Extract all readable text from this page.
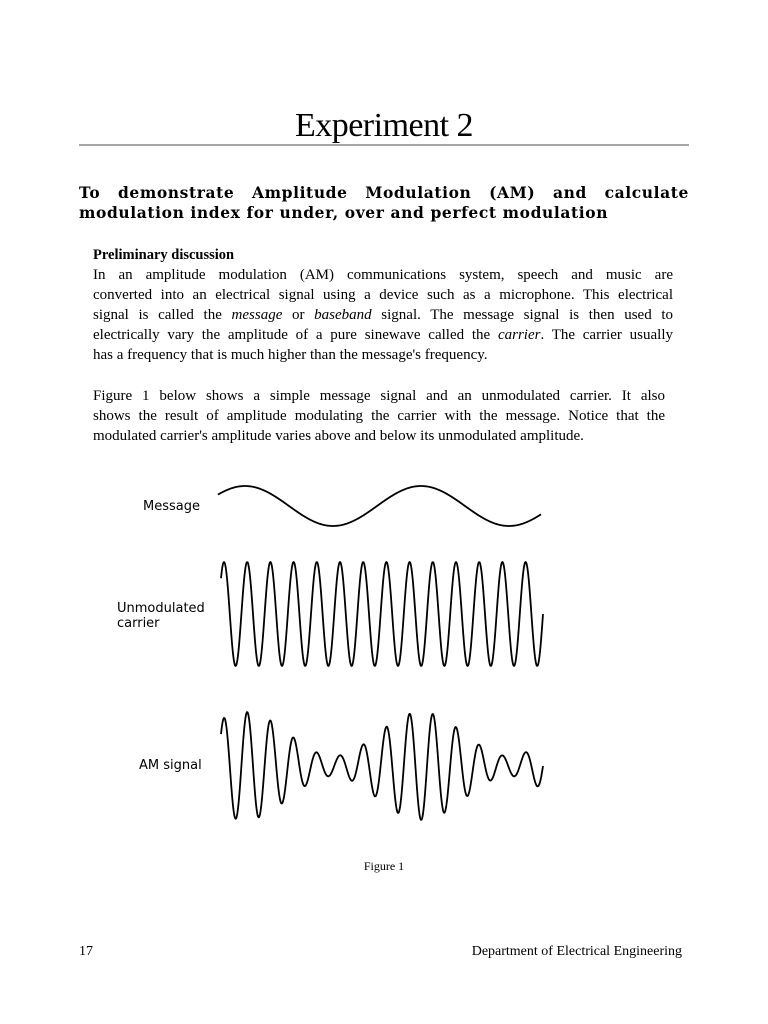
Experiment 2
To demonstrate Amplitude Modulation (AM) and calculate
modulation index for under, over and perfect modulation
Preliminary discussion
In an amplitude modulation (AM) communications system, speech and music are
converted into an electrical signal using a device such as a microphone. This electrical
signal is called the message or baseband signal. The message signal is then used to
electrically vary the amplitude of a pure sinewave called the carrier. The carrier usually
has a frequency that is much higher than the message's frequency.
Figure 1 below shows a simple message signal and an unmodulated carrier. It also
shows the result of amplitude modulating the carrier with the message. Notice that the
modulated carrier's amplitude varies above and below its unmodulated amplitude.
Message
Unmodulated
carrier
AM signal
Figure 1
17	Department of Electrical Engineering
